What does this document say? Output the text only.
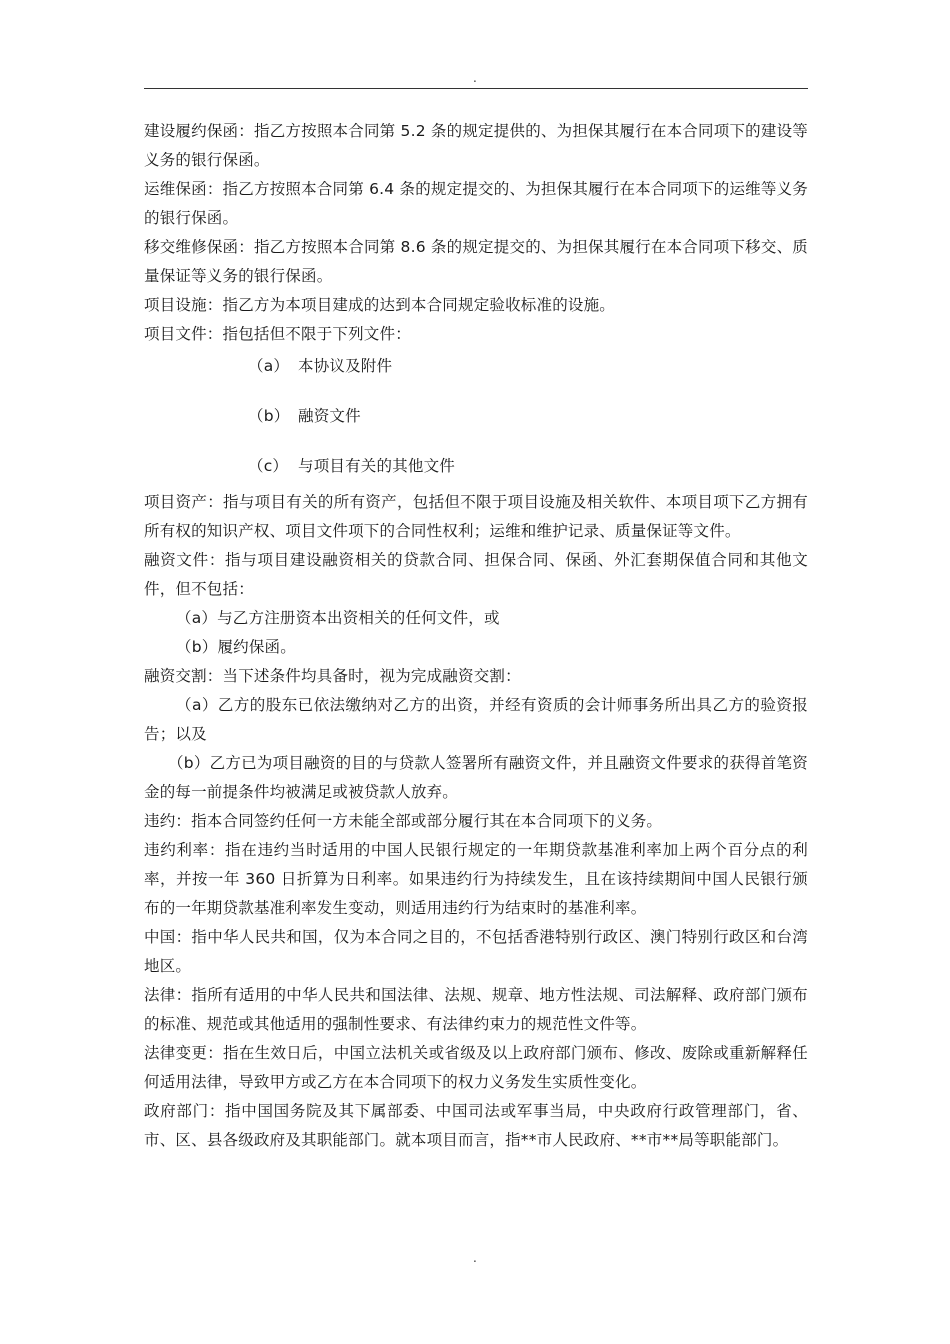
.

建设履约保函：指乙方按照本合同第 5.2 条的规定提供的、为担保其履行在本合同项下的建设等义务的银行保函。

运维保函：指乙方按照本合同第 6.4 条的规定提交的、为担保其履行在本合同项下的运维等义务的银行保函。

移交维修保函：指乙方按照本合同第 8.6 条的规定提交的、为担保其履行在本合同项下移交、质量保证等义务的银行保函。

项目设施：指乙方为本项目建成的达到本合同规定验收标准的设施。

项目文件：指包括但不限于下列文件：

（a） 本协议及附件
（b） 融资文件
（c） 与项目有关的其他文件

项目资产：指与项目有关的所有资产，包括但不限于项目设施及相关软件、本项目项下乙方拥有所有权的知识产权、项目文件项下的合同性权利；运维和维护记录、质量保证等文件。

融资文件：指与项目建设融资相关的贷款合同、担保合同、保函、外汇套期保值合同和其他文件，但不包括：

（a）与乙方注册资本出资相关的任何文件，或

（b）履约保函。

融资交割：当下述条件均具备时，视为完成融资交割：

（a）乙方的股东已依法缴纳对乙方的出资，并经有资质的会计师事务所出具乙方的验资报告；以及

（b）乙方已为项目融资的目的与贷款人签署所有融资文件，并且融资文件要求的获得首笔资金的每一前提条件均被满足或被贷款人放弃。

违约：指本合同签约任何一方未能全部或部分履行其在本合同项下的义务。

违约利率：指在违约当时适用的中国人民银行规定的一年期贷款基准利率加上两个百分点的利率，并按一年 360 日折算为日利率。如果违约行为持续发生，且在该持续期间中国人民银行颁布的一年期贷款基准利率发生变动，则适用违约行为结束时的基准利率。

中国：指中华人民共和国，仅为本合同之目的，不包括香港特别行政区、澳门特别行政区和台湾地区。

法律：指所有适用的中华人民共和国法律、法规、规章、地方性法规、司法解释、政府部门颁布的标准、规范或其他适用的强制性要求、有法律约束力的规范性文件等。

法律变更：指在生效日后，中国立法机关或省级及以上政府部门颁布、修改、废除或重新解释任何适用法律，导致甲方或乙方在本合同项下的权力义务发生实质性变化。

政府部门：指中国国务院及其下属部委、中国司法或军事当局，中央政府行政管理部门，省、市、区、县各级政府及其职能部门。就本项目而言，指**市人民政府、**市**局等职能部门。

.
